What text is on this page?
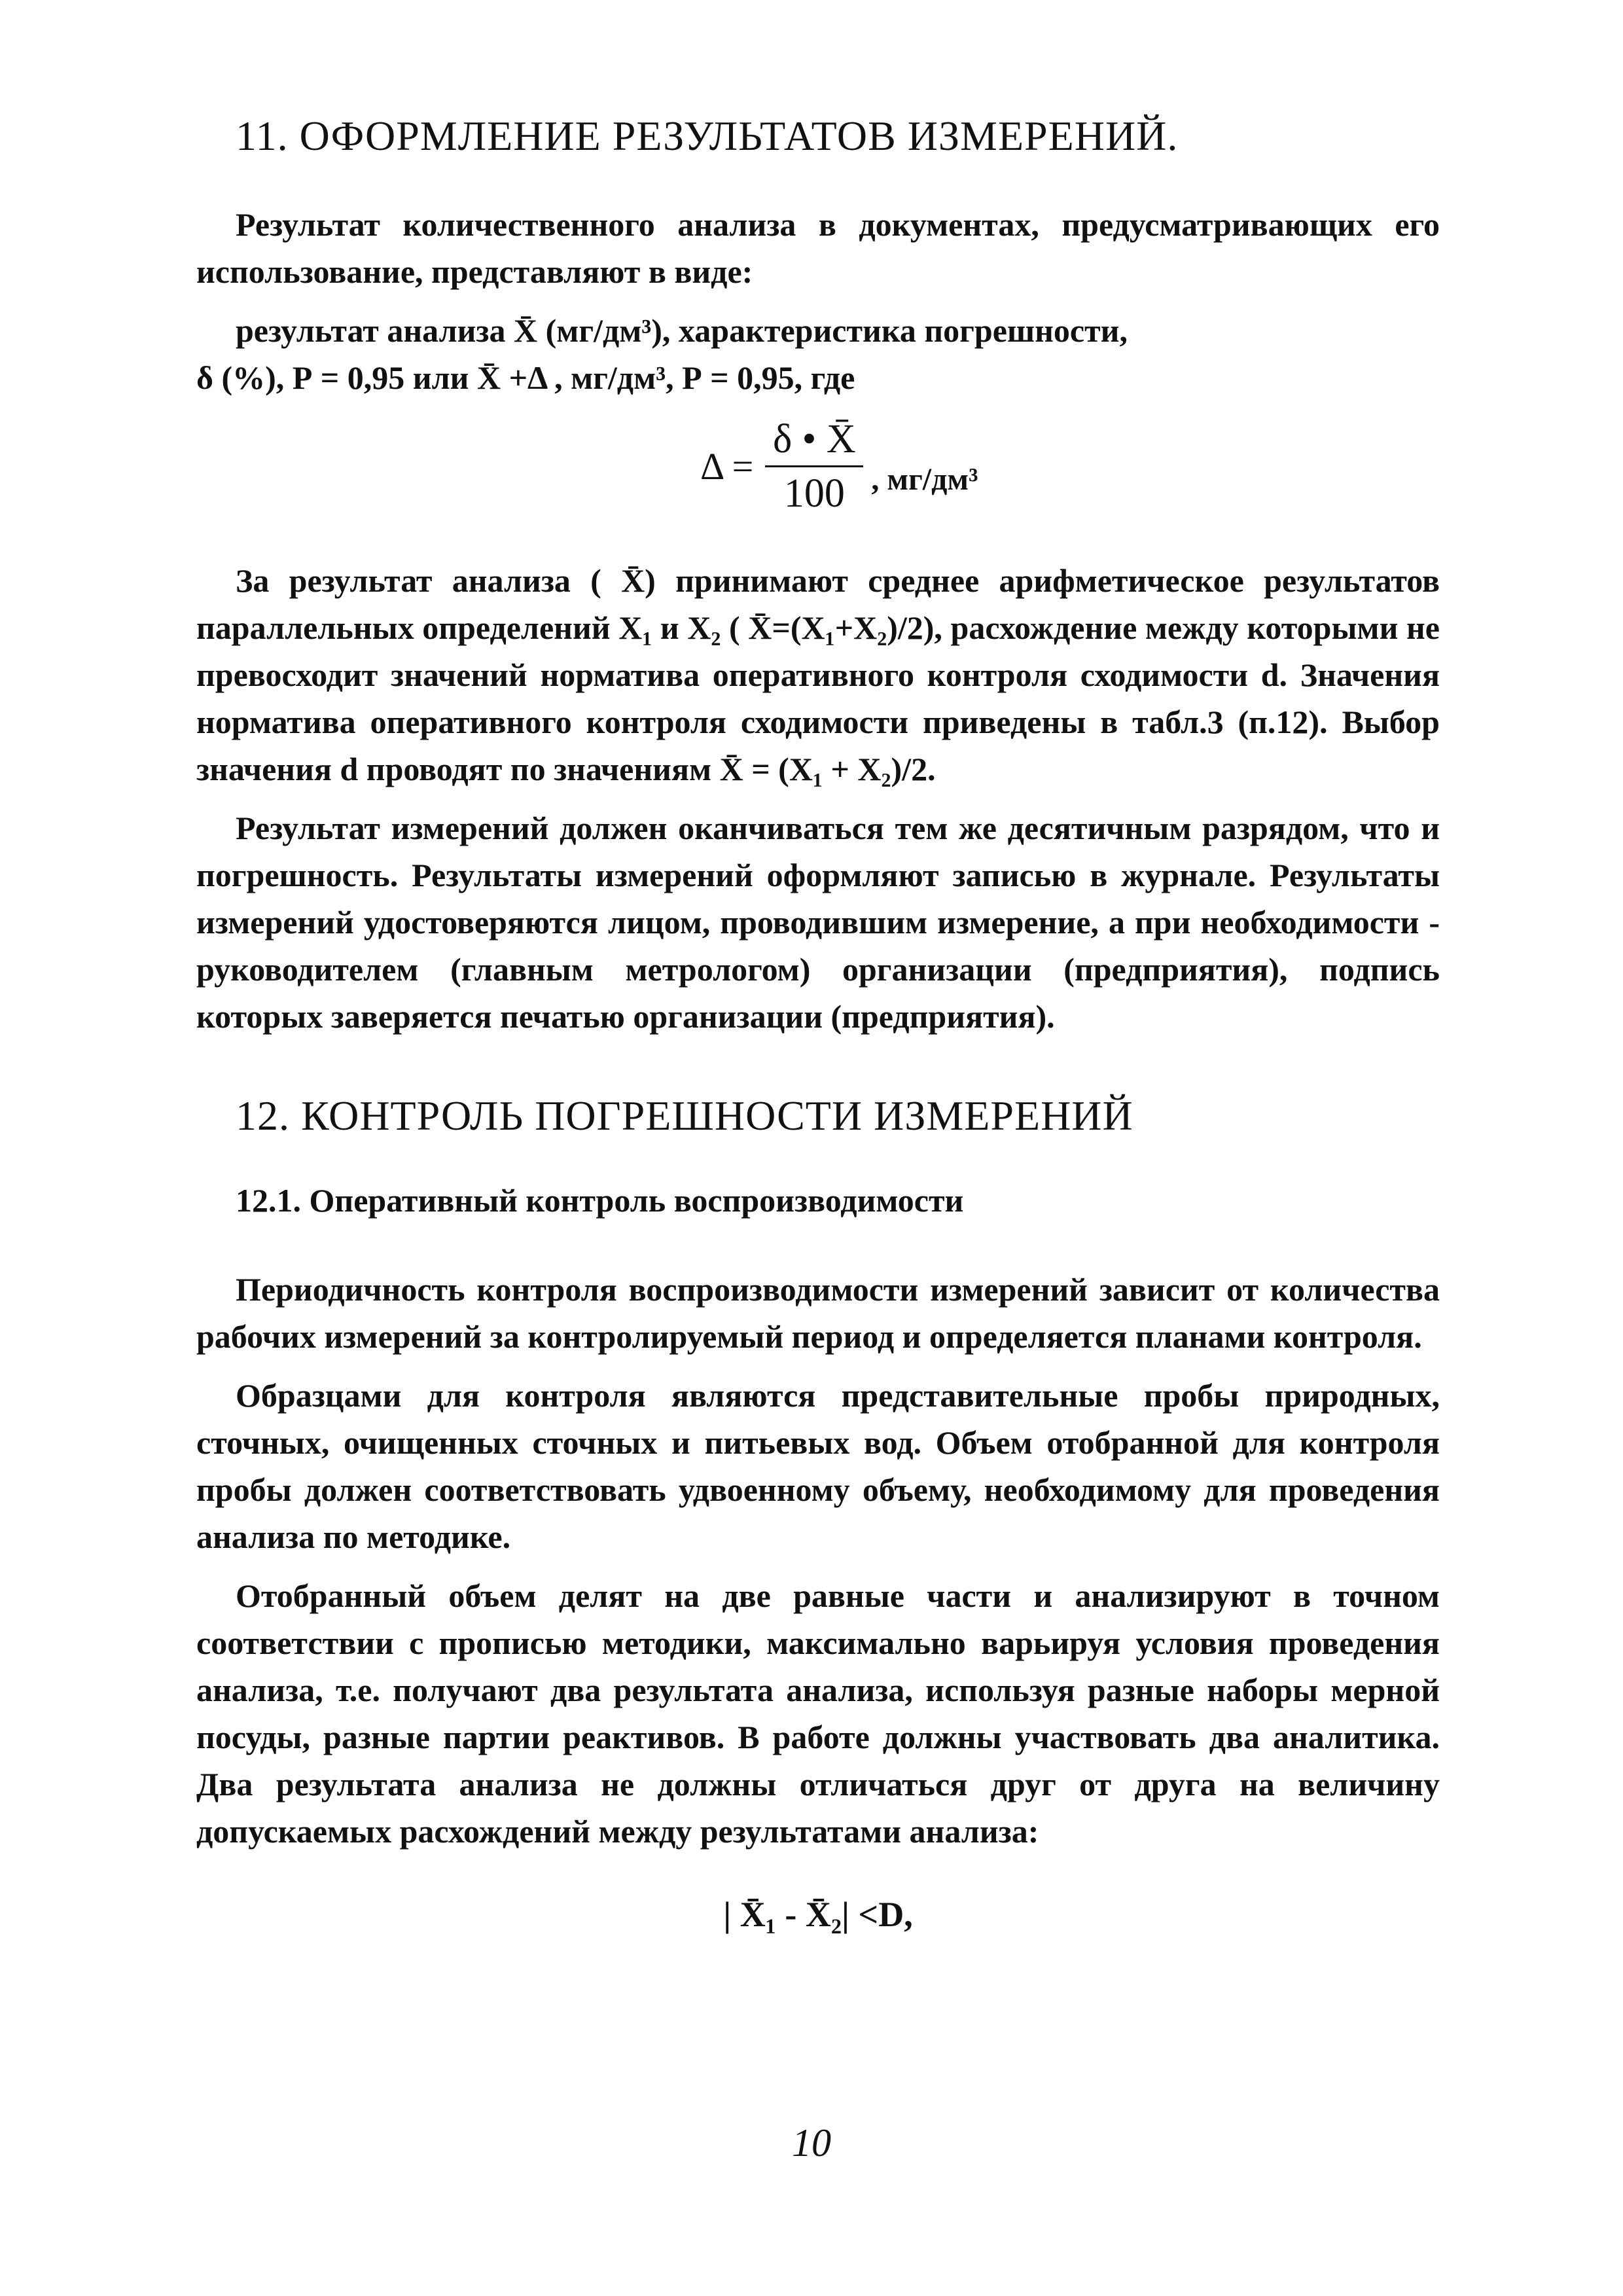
11. ОФОРМЛЕНИЕ РЕЗУЛЬТАТОВ ИЗМЕРЕНИЙ.

Результат количественного анализа в документах, предусматривающих его использование, представляют в виде:

результат анализа X̄ (мг/дм³), характеристика погрешности,
δ (%), Р = 0,95 или X̄ +Δ , мг/дм³, Р = 0,95, где

$\Delta = \frac{\delta • X̄}{100}$ , мг/дм³

За результат анализа ( X̄) принимают среднее арифметическое результатов параллельных определений X₁ и X₂ ( X̄=(X₁+X₂)/2), расхождение между которыми не превосходит значений норматива оперативного контроля сходимости d. Значения норматива оперативного контроля сходимости приведены в табл.3 (п.12). Выбор значения d проводят по значениям X̄ = (X₁ + X₂)/2.

Результат измерений должен оканчиваться тем же десятичным разрядом, что и погрешность. Результаты измерений оформляют записью в журнале. Результаты измерений удостоверяются лицом, проводившим измерение, а при необходимости - руководителем (главным метрологом) организации (предприятия), подпись которых заверяется печатью организации (предприятия).

12. КОНТРОЛЬ ПОГРЕШНОСТИ ИЗМЕРЕНИЙ
12.1. Оперативный контроль воспроизводимости

Периодичность контроля воспроизводимости измерений зависит от количества рабочих измерений за контролируемый период и определяется планами контроля.

Образцами для контроля являются представительные пробы природных, сточных, очищенных сточных и питьевых вод. Объем отобранной для контроля пробы должен соответствовать удвоенному объему, необходимому для проведения анализа по методике.

Отобранный объем делят на две равные части и анализируют в точном соответствии с прописью методики, максимально варьируя условия проведения анализа, т.е. получают два результата анализа, используя разные наборы мерной посуды, разные партии реактивов. В работе должны участвовать два аналитика. Два результата анализа не должны отличаться друг от друга на величину допускаемых расхождений между результатами анализа:

| X̄₁ - X̄₂| <D,
10
